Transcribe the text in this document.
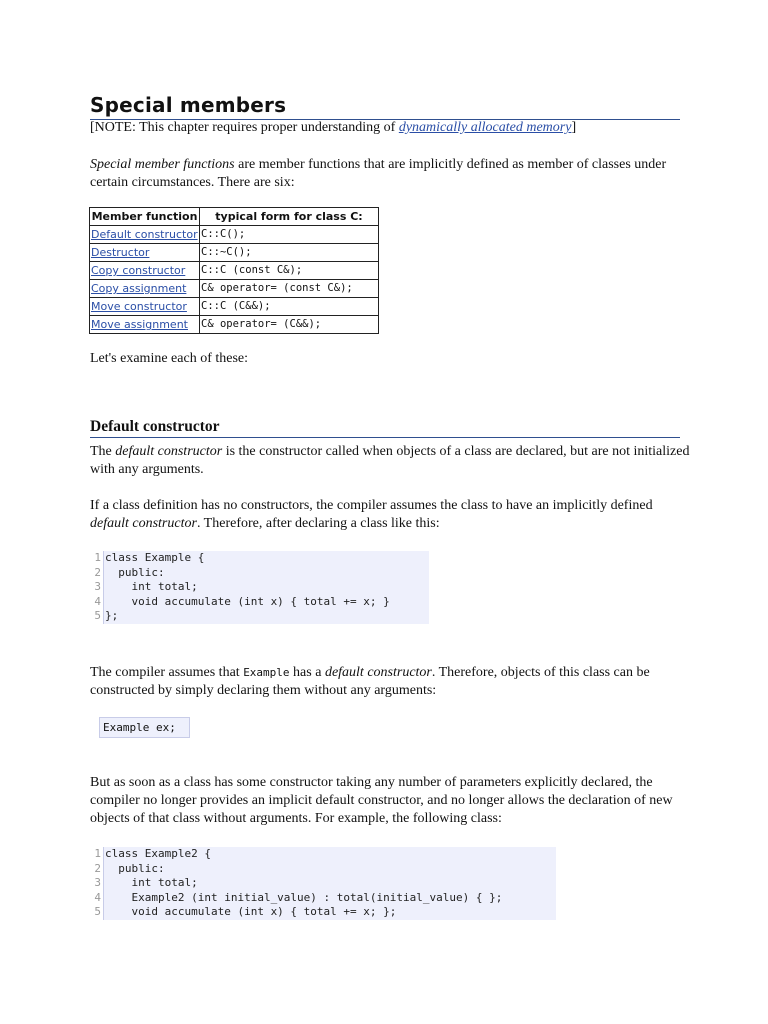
Special members

[NOTE: This chapter requires proper understanding of dynamically allocated memory]

Special member functions are member functions that are implicitly defined as member of classes under certain circumstances. There are six:

Member function	typical form for class C:
Default constructor	C::C();
Destructor	C::~C();
Copy constructor	C::C (const C&);
Copy assignment	C& operator= (const C&);
Move constructor	C::C (C&&);
Move assignment	C& operator= (C&&);

Let's examine each of these:

Default constructor

The default constructor is the constructor called when objects of a class are declared, but are not initialized with any arguments.

If a class definition has no constructors, the compiler assumes the class to have an implicitly defined default constructor. Therefore, after declaring a class like this:

1 class Example {
2 public:
3 int total;
4 void accumulate (int x) { total += x; }
5 };

The compiler assumes that Example has a default constructor. Therefore, objects of this class can be constructed by simply declaring them without any arguments:

Example ex;

But as soon as a class has some constructor taking any number of parameters explicitly declared, the compiler no longer provides an implicit default constructor, and no longer allows the declaration of new objects of that class without arguments. For example, the following class:

1 class Example2 {
2 public:
3 int total;
4 Example2 (int initial_value) : total(initial_value) { };
5 void accumulate (int x) { total += x; };
